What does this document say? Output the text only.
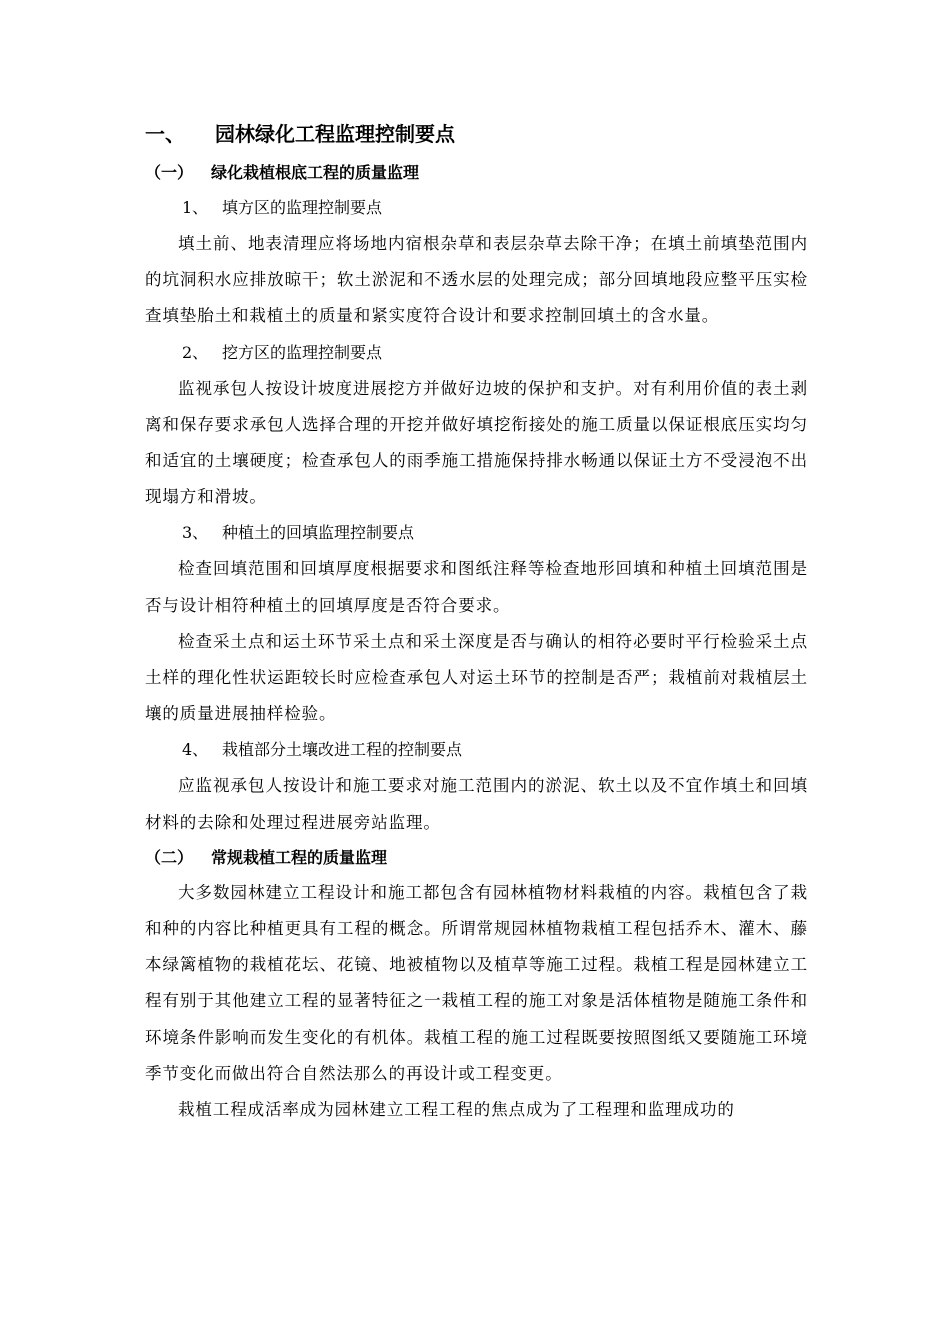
一、 园林绿化工程监理控制要点
（一） 绿化栽植根底工程的质量监理
1、 填方区的监理控制要点

填土前、地表清理应将场地内宿根杂草和表层杂草去除干净；在填土前填垫范围内的坑洞积水应排放晾干；软土淤泥和不透水层的处理完成；部分回填地段应整平压实检查填垫胎土和栽植土的质量和紧实度符合设计和要求控制回填土的含水量。

2、 挖方区的监理控制要点

监视承包人按设计坡度进展挖方并做好边坡的保护和支护。对有利用价值的表土剥离和保存要求承包人选择合理的开挖并做好填挖衔接处的施工质量以保证根底压实均匀和适宜的土壤硬度；检查承包人的雨季施工措施保持排水畅通以保证土方不受浸泡不出现塌方和滑坡。

3、 种植土的回填监理控制要点

检查回填范围和回填厚度根据要求和图纸注释等检查地形回填和种植土回填范围是否与设计相符种植土的回填厚度是否符合要求。

检查采土点和运土环节采土点和采土深度是否与确认的相符必要时平行检验采土点土样的理化性状运距较长时应检查承包人对运土环节的控制是否严；栽植前对栽植层土壤的质量进展抽样检验。

4、 栽植部分土壤改进工程的控制要点

应监视承包人按设计和施工要求对施工范围内的淤泥、软土以及不宜作填土和回填材料的去除和处理过程进展旁站监理。

（二） 常规栽植工程的质量监理

大多数园林建立工程设计和施工都包含有园林植物材料栽植的内容。栽植包含了栽和种的内容比种植更具有工程的概念。所谓常规园林植物栽植工程包括乔木、灌木、藤本绿篱植物的栽植花坛、花镜、地被植物以及植草等施工过程。栽植工程是园林建立工程有别于其他建立工程的显著特征之一栽植工程的施工对象是活体植物是随施工条件和环境条件影响而发生变化的有机体。栽植工程的施工过程既要按照图纸又要随施工环境季节变化而做出符合自然法那么的再设计或工程变更。

栽植工程成活率成为园林建立工程工程的焦点成为了工程理和监理成功的
